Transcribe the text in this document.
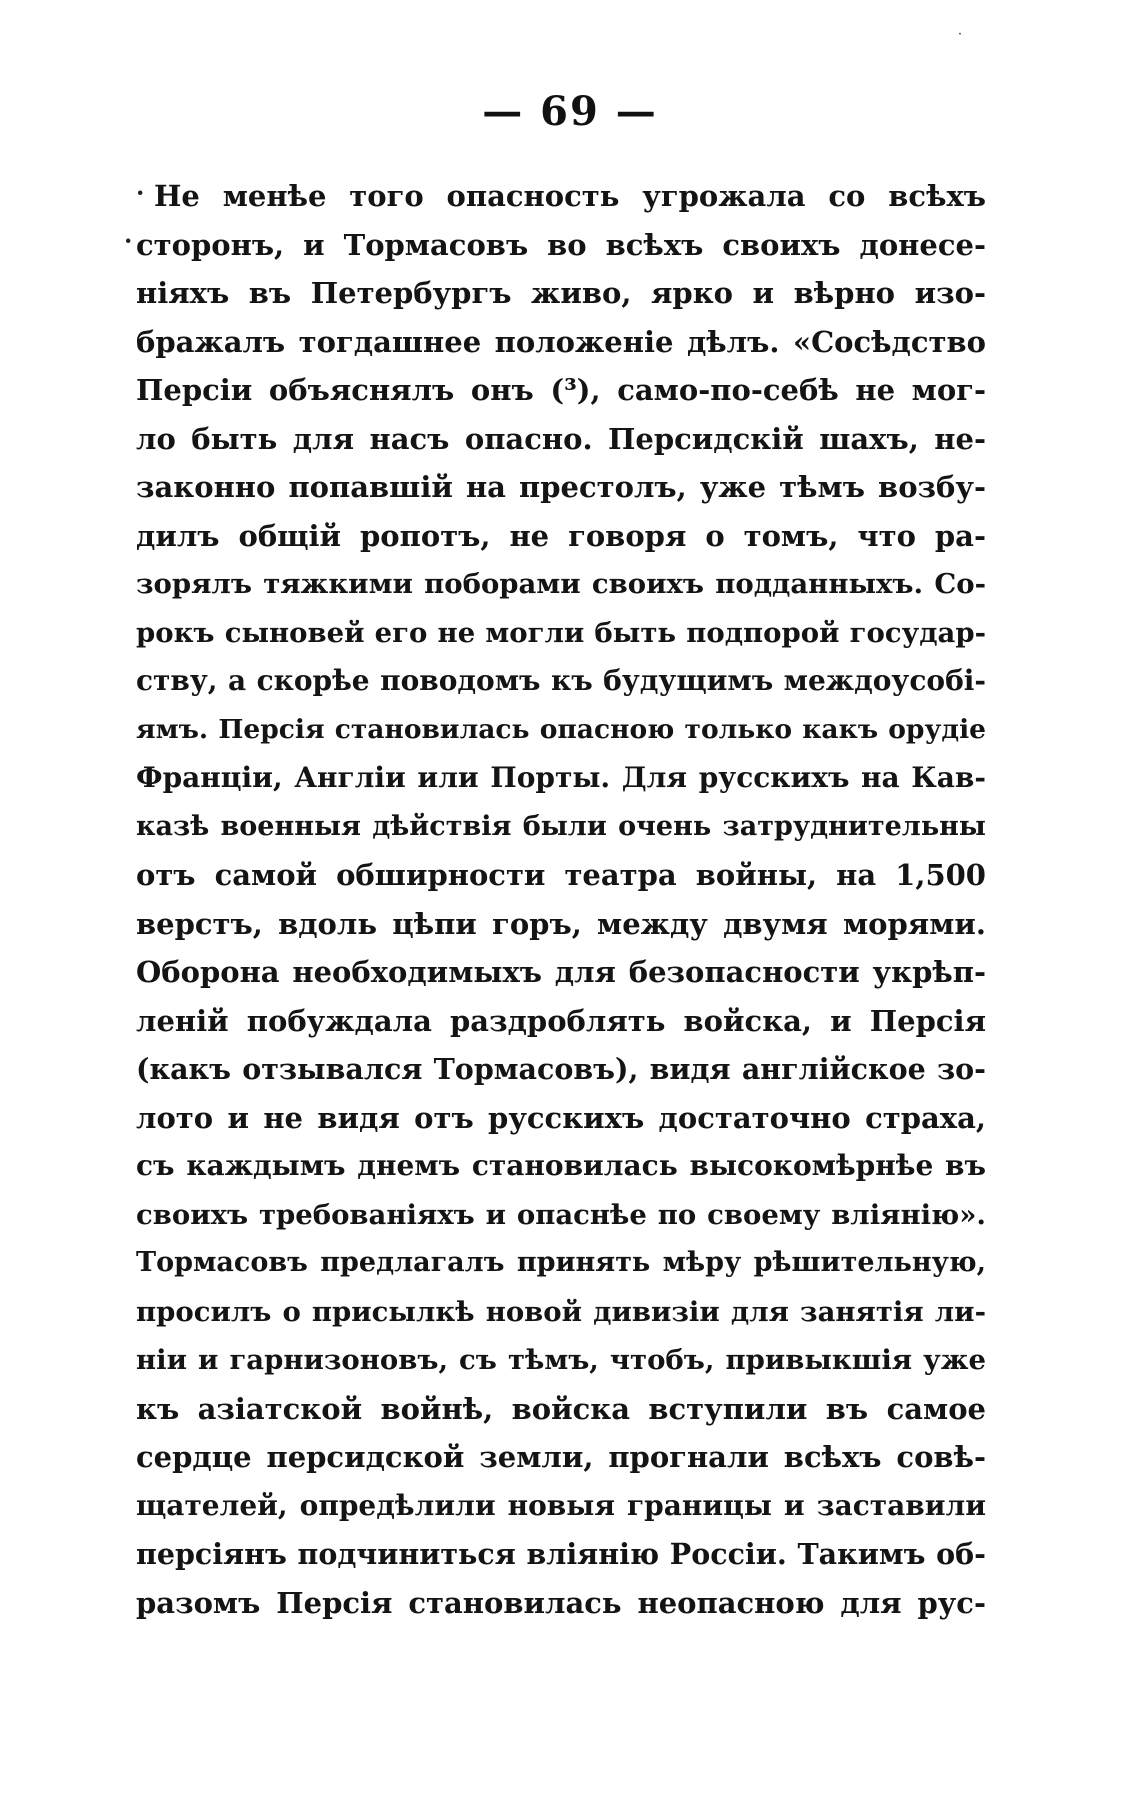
— 69 —
·
·
Не менѣе того опасность угрожала со всѣхъ
сторонъ, и Тормасовъ во всѣхъ своихъ донесе-
ніяхъ въ Петербургъ живо, ярко и вѣрно изо-
бражалъ тогдашнее положеніе дѣлъ. «Сосѣдство
Персіи объяснялъ онъ (³), само-по-себѣ не мог-
ло быть для насъ опасно. Персидскій шахъ, не-
законно попавшій на престолъ, уже тѣмъ возбу-
дилъ общій ропотъ, не говоря о томъ, что ра-
зорялъ тяжкими поборами своихъ подданныхъ. Со-
рокъ сыновей его не могли быть подпорой государ-
ству, а скорѣе поводомъ къ будущимъ междоусобі-
ямъ. Персія становилась опасною только какъ орудіе
Франціи, Англіи или Порты. Для русскихъ на Кав-
казѣ военныя дѣйствія были очень затруднительны
отъ самой обширности театра войны, на 1,500
верстъ, вдоль цѣпи горъ, между двумя морями.
Оборона необходимыхъ для безопасности укрѣп-
леній побуждала раздроблять войска, и Персія
(какъ отзывался Тормасовъ), видя англійское зо-
лото и не видя отъ русскихъ достаточно страха,
съ каждымъ днемъ становилась высокомѣрнѣе въ
своихъ требованіяхъ и опаснѣе по своему вліянію».
Тормасовъ предлагалъ принять мѣру рѣшительную,
просилъ о присылкѣ новой дивизіи для занятія ли-
ніи и гарнизоновъ, съ тѣмъ, чтобъ, привыкшія уже
къ азіатской войнѣ, войска вступили въ самое
сердце персидской земли, прогнали всѣхъ совѣ-
щателей, опредѣлили новыя границы и заставили
персіянъ подчиниться вліянію Россіи. Такимъ об-
разомъ Персія становилась неопасною для рус-
